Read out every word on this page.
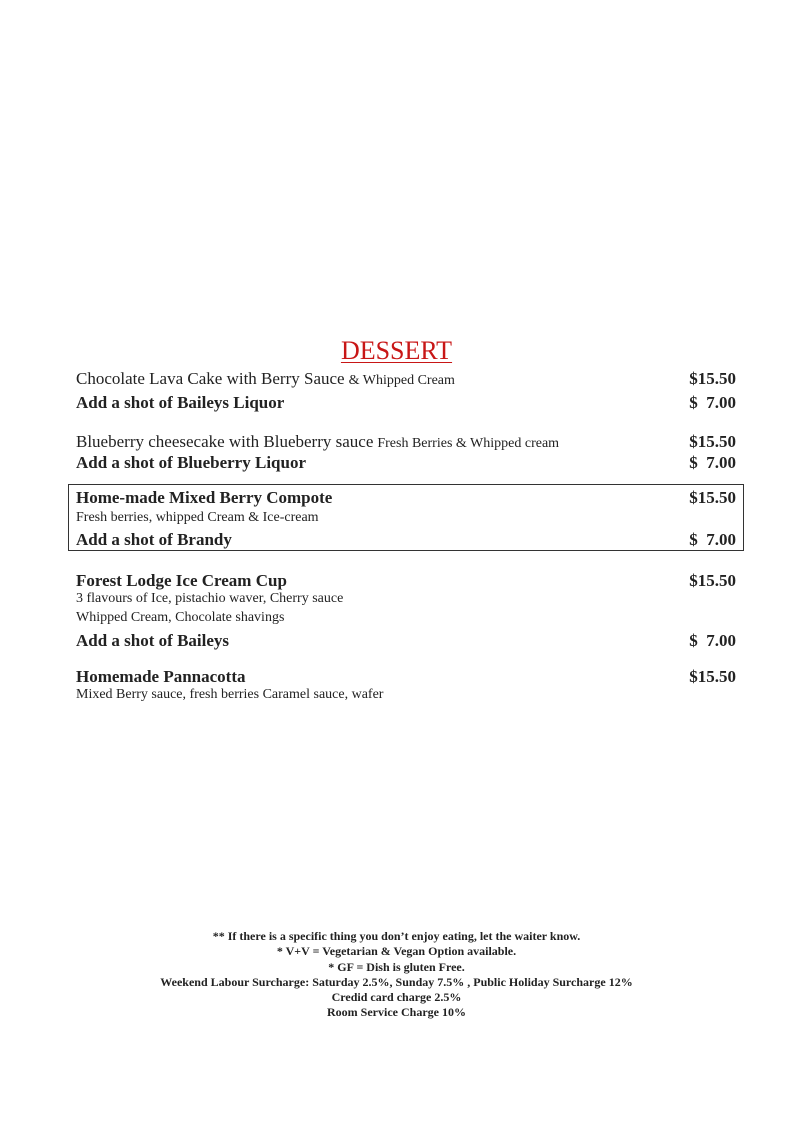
DESSERT
Chocolate Lava Cake with Berry Sauce & Whipped Cream	$15.50
Add a shot of Baileys Liquor	$  7.00
Blueberry cheesecake with Blueberry sauce Fresh Berries & Whipped cream	$15.50
Add a shot of Blueberry Liquor	$  7.00
Home-made Mixed Berry Compote	$15.50
Fresh berries, whipped Cream & Ice-cream
Add a shot of Brandy	$  7.00
Forest Lodge Ice Cream Cup	$15.50
3 flavours of Ice, pistachio waver, Cherry sauce
Whipped Cream, Chocolate shavings
Add a shot of Baileys	$  7.00
Homemade Pannacotta	$15.50
Mixed Berry sauce, fresh berries Caramel sauce, wafer
** If there is a specific thing you don’t enjoy eating, let the waiter know.
* V+V = Vegetarian & Vegan Option available.
* GF = Dish is gluten Free.
Weekend Labour Surcharge: Saturday 2.5%, Sunday 7.5% , Public Holiday Surcharge 12%
Credid card charge 2.5%
Room Service Charge 10%
